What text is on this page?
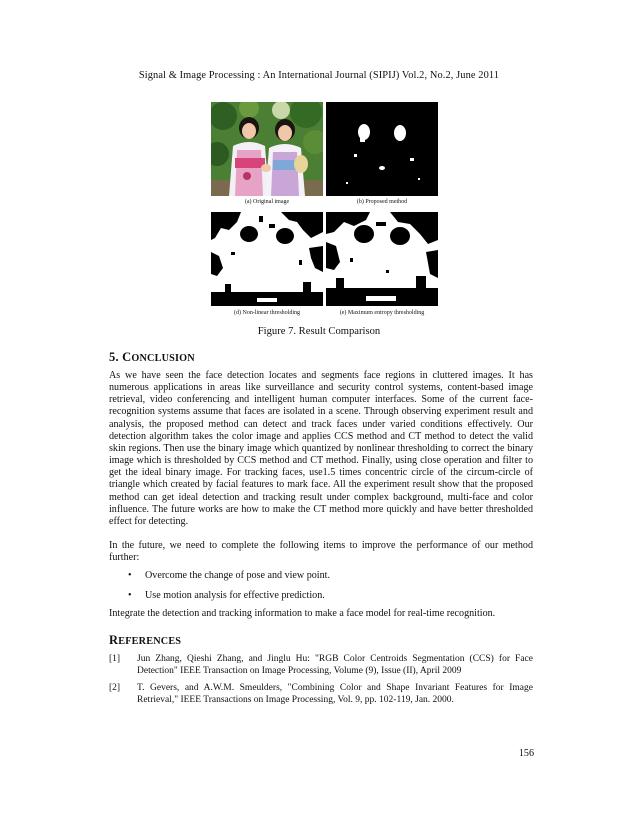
Signal & Image Processing : An International Journal (SIPIJ) Vol.2, No.2, June 2011
(a) Original image	(b) Proposed method
(d) Non-linear thresholding	(e) Maximum entropy thresholding
Figure 7. Result Comparison
5. CONCLUSION

As we have seen the face detection locates and segments face regions in cluttered images. It has numerous applications in areas like surveillance and security control systems, content-based image retrieval, video conferencing and intelligent human computer interfaces. Some of the current face-recognition systems assume that faces are isolated in a scene. Through observing experiment result and analysis, the proposed method can detect and track faces under varied conditions effectively. Our detection algorithm takes the color image and applies CCS method and CT method to detect the valid skin regions. Then use the binary image which quantized by nonlinear thresholding to correct the binary image which is thresholded by CCS method and CT method. Finally, using close operation and filter to get the ideal binary image. For tracking faces, use1.5 times concentric circle of the circum-circle of triangle which created by facial features to mark face. All the experiment result show that the proposed method can get ideal detection and tracking result under complex background, multi-face and color influence. The future works are how to make the CT method more quickly and have better thresholded effect for detecting.

In the future, we need to complete the following items to improve the performance of our method further:

• Overcome the change of pose and view point.
• Use motion analysis for effective prediction.

Integrate the detection and tracking information to make a face model for real-time recognition.

REFERENCES
[1] Jun Zhang, Qieshi Zhang, and Jinglu Hu: "RGB Color Centroids Segmentation (CCS) for Face Detection" IEEE Transaction on Image Processing, Volume (9), Issue (II), April 2009
[2] T. Gevers, and A.W.M. Smeulders, "Combining Color and Shape Invariant Features for Image Retrieval," IEEE Transactions on Image Processing, Vol. 9, pp. 102-119, Jan. 2000.
156
